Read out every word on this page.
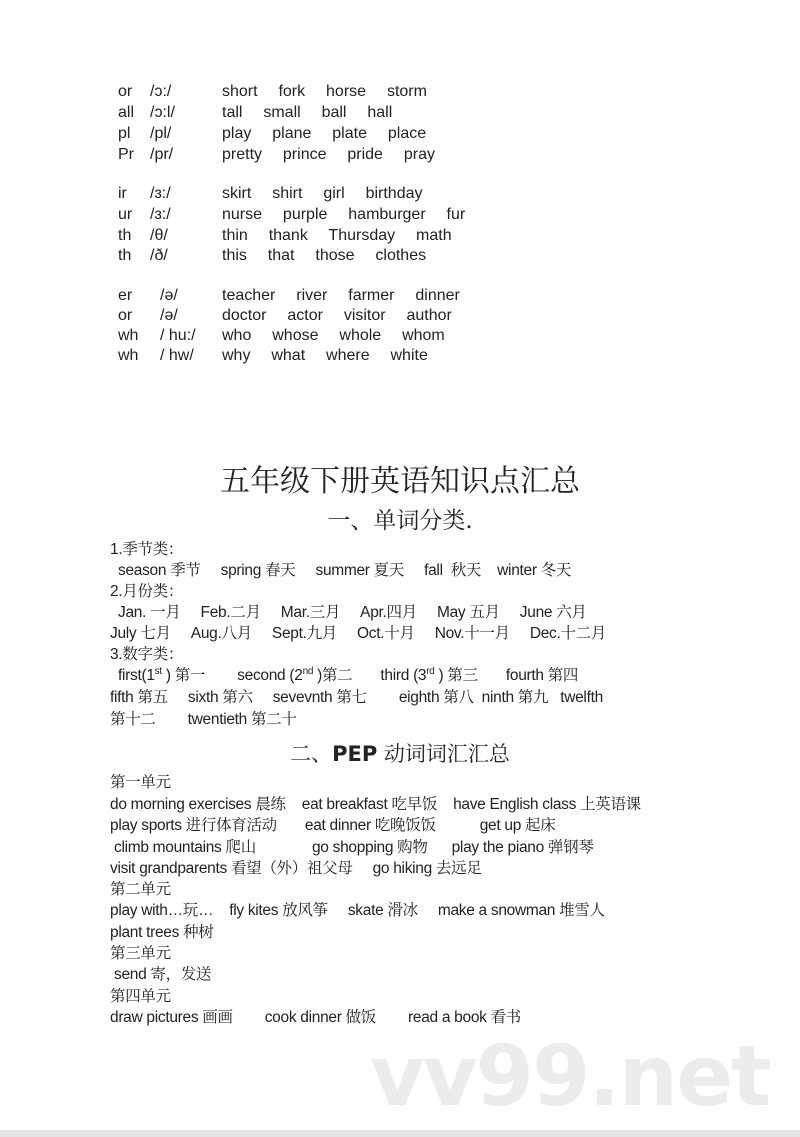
vv99.net
or /ɔ:/	short  fork  horse  storm
all /ɔ:l/	tall  small  ball  hall
pl /pl/	play  plane  plate  place
Pr /pr/	pretty  prince  pride  pray
ir /ɜ:/	skirt  shirt  girl  birthday
ur /ɜ:/	nurse  purple  hamburger  fur
th /θ/	thin  thank  Thursday  math
th /ð/	this  that  those  clothes
er /ə/	teacher  river  farmer  dinner
or /ə/	doctor  actor  visitor  author
wh / hu:/ who  whose  whole  whom
wh / hw/ why  what  where  white
五年级下册英语知识点汇总
一、单词分类.
1.季节类：
season 季节     spring 春天     summer 夏天     fall  秋天    winter 冬天
2.月份类：
Jan. 一月     Feb.二月     Mar.三月     Apr.四月     May 五月     June 六月
July 七月     Aug.八月     Sept.九月     Oct.十月     Nov.十一月     Dec.十二月
3.数字类：
first(1st ) 第一        second (2nd )第二       third (3rd ) 第三       fourth 第四
fifth 第五     sixth 第六     sevevnth 第七        eighth 第八  ninth 第九   twelfth
第十二        twentieth 第二十
二、PEP 动词词汇汇总
第一单元
do morning exercises 晨练    eat breakfast 吃早饭    have English class 上英语课
play sports 进行体育活动       eat dinner 吃晚饭饭           get up 起床
climb mountains 爬山              go shopping 购物      play the piano 弹钢琴
visit grandparents 看望（外）祖父母     go hiking 去远足
第二单元
play with…玩…    fly kites 放风筝     skate 滑冰     make a snowman 堆雪人
plant trees 种树
第三单元
send 寄，发送
第四单元
draw pictures 画画        cook dinner 做饭        read a book 看书
